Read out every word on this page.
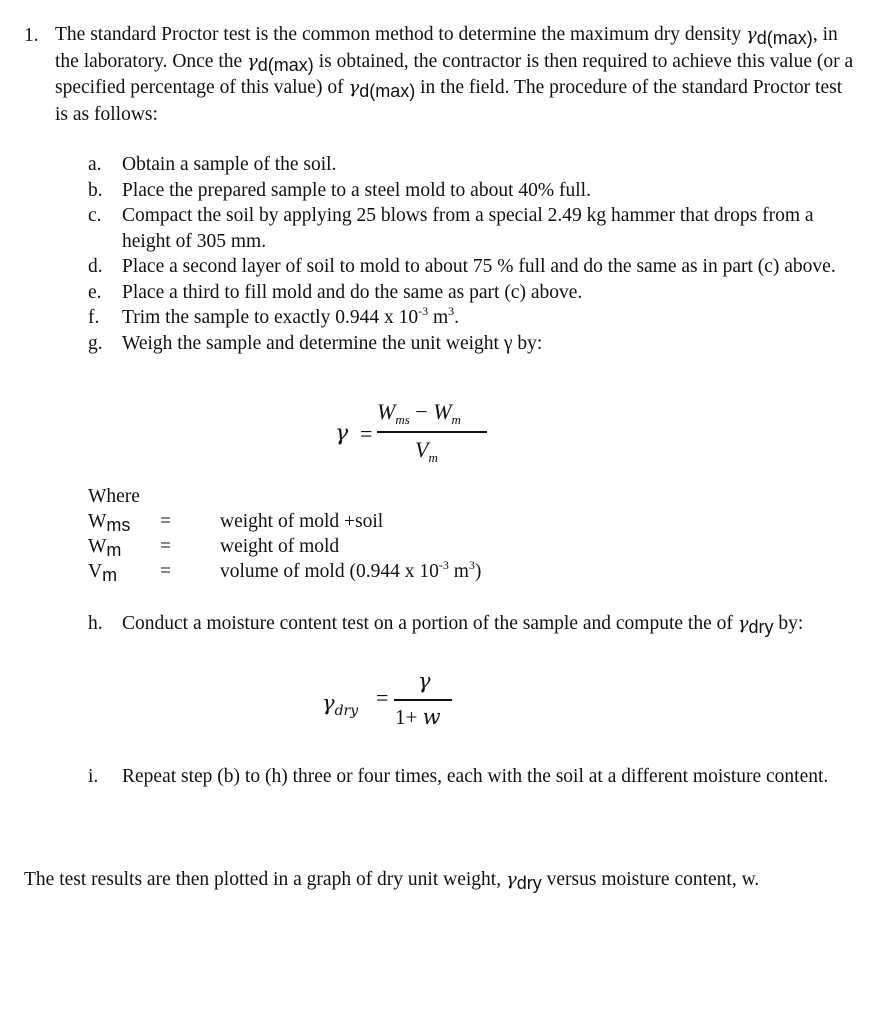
1. The standard Proctor test is the common method to determine the maximum dry density γd(max), in the laboratory. Once the γd(max) is obtained, the contractor is then required to achieve this value (or a specified percentage of this value) of γd(max) in the field. The procedure of the standard Proctor test is as follows:
a. Obtain a sample of the soil.
b. Place the prepared sample to a steel mold to about 40% full.
c. Compact the soil by applying 25 blows from a special 2.49 kg hammer that drops from a height of 305 mm.
d. Place a second layer of soil to mold to about 75 % full and do the same as in part (c) above.
e. Place a third to fill mold and do the same as part (c) above.
f. Trim the sample to exactly 0.944 x $10^{-3}$ $m^3$.
g. Weigh the sample and determine the unit weight γ by:
γ =
$W_{ms} - W_m$
$V_m$
Where
Wms =	weight of mold +soil
Wm =	weight of mold
Vm =	volume of mold (0.944 x $10^{-3}$ $m^3$)
h. Conduct a moisture content test on a portion of the sample and compute the of γdry by:
$\gamma_{dry}$
=
γ
1+ w
i. Repeat step (b) to (h) three or four times, each with the soil at a different moisture content.
The test results are then plotted in a graph of dry unit weight, γdry versus moisture content, w.
